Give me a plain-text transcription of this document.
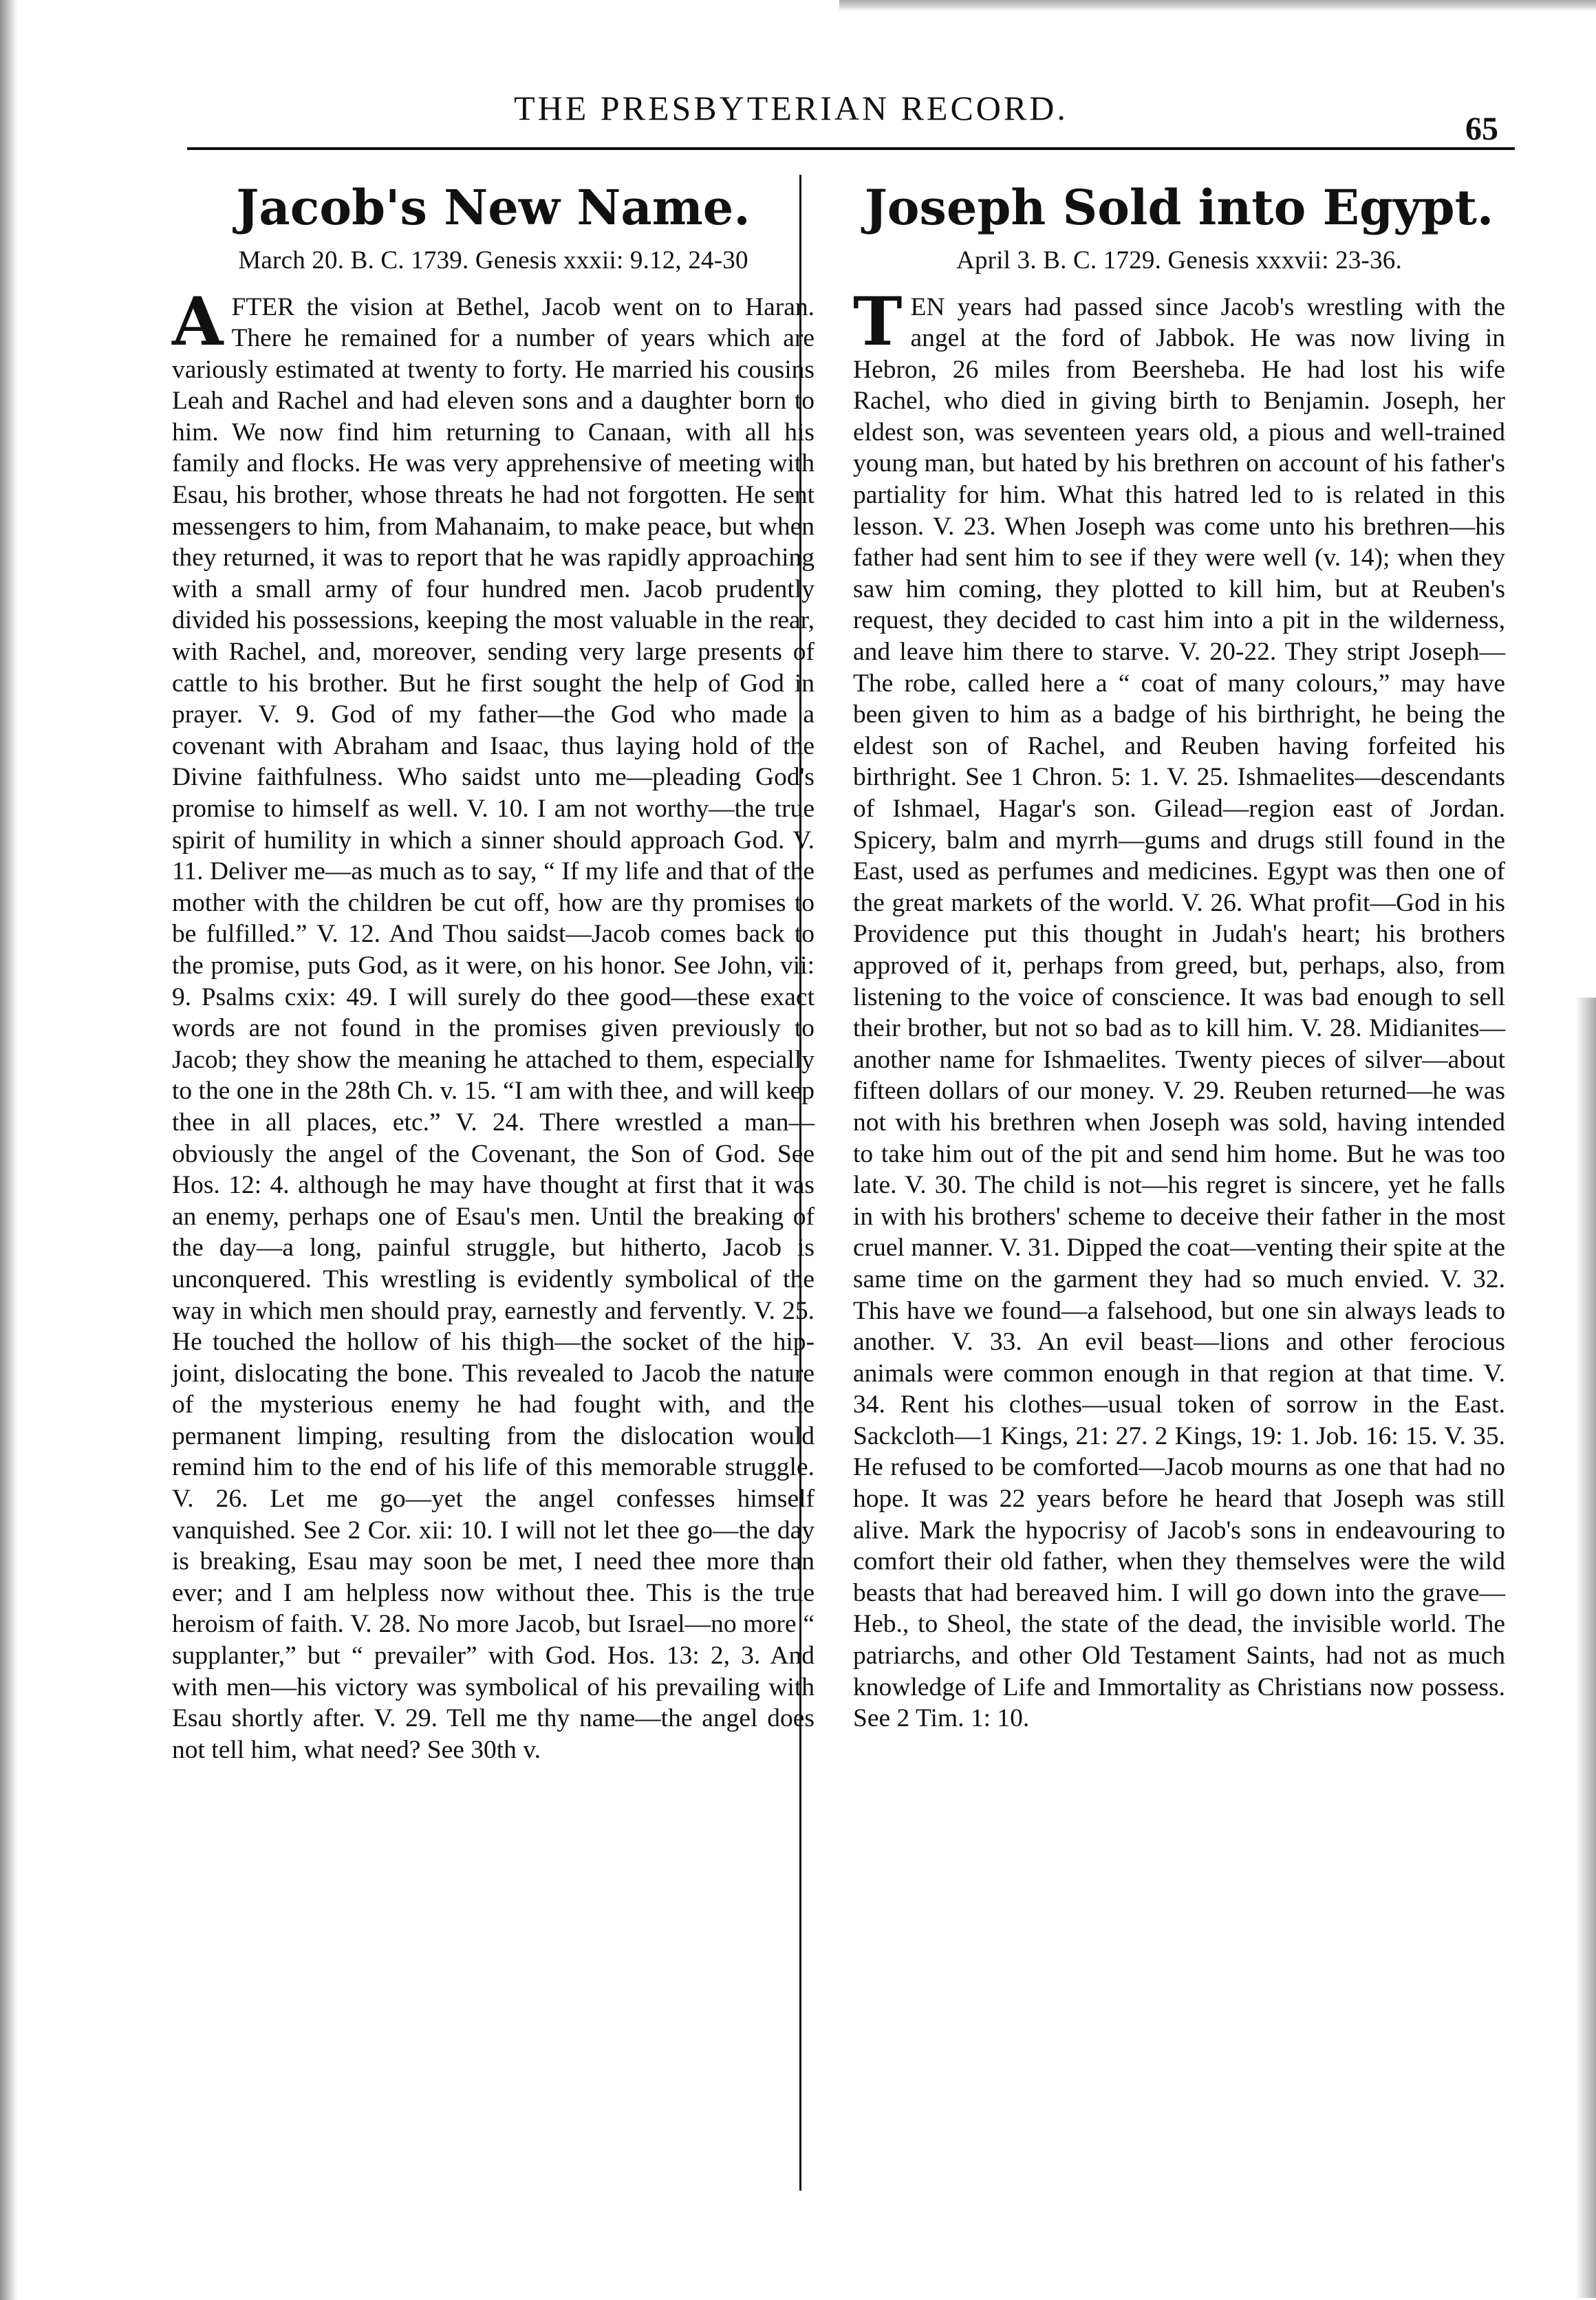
THE PRESBYTERIAN RECORD.
65
Jacob's New Name.
March 20. B. C. 1739. Genesis xxxii: 9.12, 24-30
A FTER the vision at Bethel, Jacob went on to Haran. There he remained for a number of years which are variously estimated at twenty to forty. He married his cousins Leah and Rachel and had eleven sons and a daughter born to him. We now find him returning to Canaan, with all his family and flocks. He was very apprehensive of meeting with Esau, his brother, whose threats he had not forgotten. He sent messengers to him, from Mahanaim, to make peace, but when they returned, it was to report that he was rapidly approaching with a small army of four hundred men. Jacob prudently divided his possessions, keeping the most valuable in the rear, with Rachel, and, moreover, sending very large presents of cattle to his brother. But he first sought the help of God in prayer. V. 9. God of my father—the God who made a covenant with Abraham and Isaac, thus laying hold of the Divine faithfulness. Who saidst unto me—pleading God's promise to himself as well. V. 10. I am not worthy—the true spirit of humility in which a sinner should approach God. V. 11. Deliver me—as much as to say, “ If my life and that of the mother with the children be cut off, how are thy promises to be fulfilled.” V. 12. And Thou saidst—Jacob comes back to the promise, puts God, as it were, on his honor. See John, vii: 9. Psalms cxix: 49. I will surely do thee good—these exact words are not found in the promises given previously to Jacob; they show the meaning he attached to them, especially to the one in the 28th Ch. v. 15. “I am with thee, and will keep thee in all places, etc.” V. 24. There wrestled a man—obviously the angel of the Covenant, the Son of God. See Hos. 12: 4. although he may have thought at first that it was an enemy, perhaps one of Esau's men. Until the breaking of the day—a long, painful struggle, but hitherto, Jacob is unconquered. This wrestling is evidently symbolical of the way in which men should pray, earnestly and fervently. V. 25. He touched the hollow of his thigh—the socket of the hip-joint, dislocating the bone. This revealed to Jacob the nature of the mysterious enemy he had fought with, and the permanent limping, resulting from the dislocation would remind him to the end of his life of this memorable struggle. V. 26. Let me go—yet the angel confesses himself vanquished. See 2 Cor. xii: 10. I will not let thee go—the day is breaking, Esau may soon be met, I need thee more than ever; and I am helpless now without thee. This is the true heroism of faith. V. 28. No more Jacob, but Israel—no more “ supplanter,” but “ prevailer” with God. Hos. 13: 2, 3. And with men—his victory was symbolical of his prevailing with Esau shortly after. V. 29. Tell me thy name—the angel does not tell him, what need? See 30th v.
Joseph Sold into Egypt.
April 3. B. C. 1729. Genesis xxxvii: 23-36.
T EN years had passed since Jacob's wrestling with the angel at the ford of Jabbok. He was now living in Hebron, 26 miles from Beersheba. He had lost his wife Rachel, who died in giving birth to Benjamin. Joseph, her eldest son, was seventeen years old, a pious and well-trained young man, but hated by his brethren on account of his father's partiality for him. What this hatred led to is related in this lesson. V. 23. When Joseph was come unto his brethren—his father had sent him to see if they were well (v. 14); when they saw him coming, they plotted to kill him, but at Reuben's request, they decided to cast him into a pit in the wilderness, and leave him there to starve. V. 20-22. They stript Joseph—The robe, called here a “ coat of many colours,” may have been given to him as a badge of his birthright, he being the eldest son of Rachel, and Reuben having forfeited his birthright. See 1 Chron. 5: 1. V. 25. Ishmaelites—descendants of Ishmael, Hagar's son. Gilead—region east of Jordan. Spicery, balm and myrrh—gums and drugs still found in the East, used as perfumes and medicines. Egypt was then one of the great markets of the world. V. 26. What profit—God in his Providence put this thought in Judah's heart; his brothers approved of it, perhaps from greed, but, perhaps, also, from listening to the voice of conscience. It was bad enough to sell their brother, but not so bad as to kill him. V. 28. Midianites—another name for Ishmaelites. Twenty pieces of silver—about fifteen dollars of our money. V. 29. Reuben returned—he was not with his brethren when Joseph was sold, having intended to take him out of the pit and send him home. But he was too late. V. 30. The child is not—his regret is sincere, yet he falls in with his brothers' scheme to deceive their father in the most cruel manner. V. 31. Dipped the coat—venting their spite at the same time on the garment they had so much envied. V. 32. This have we found—a falsehood, but one sin always leads to another. V. 33. An evil beast—lions and other ferocious animals were common enough in that region at that time. V. 34. Rent his clothes—usual token of sorrow in the East. Sackcloth—1 Kings, 21: 27. 2 Kings, 19: 1. Job. 16: 15. V. 35. He refused to be comforted—Jacob mourns as one that had no hope. It was 22 years before he heard that Joseph was still alive. Mark the hypocrisy of Jacob's sons in endeavouring to comfort their old father, when they themselves were the wild beasts that had bereaved him. I will go down into the grave—Heb., to Sheol, the state of the dead, the invisible world. The patriarchs, and other Old Testament Saints, had not as much knowledge of Life and Immortality as Christians now possess. See 2 Tim. 1: 10.
